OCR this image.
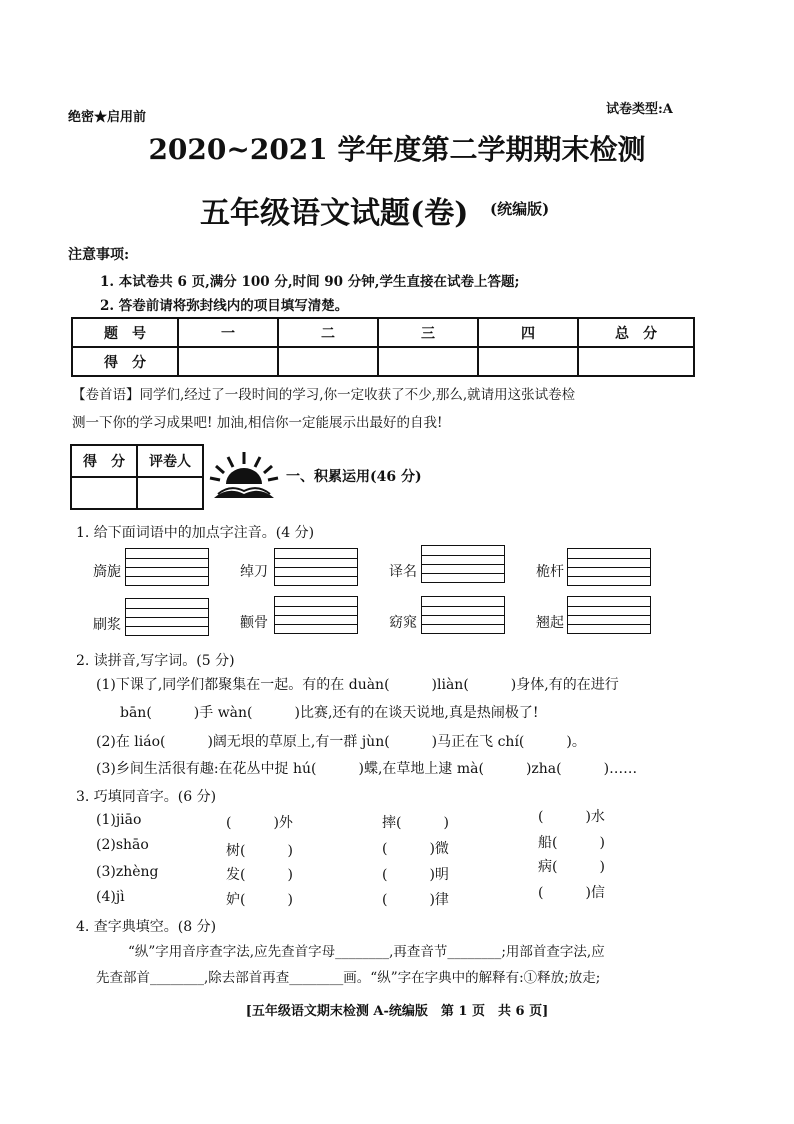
绝密★启用前
试卷类型:A
2020~2021 学年度第二学期期末检测
五年级语文试题(卷) (统编版)
注意事项:
1. 本试卷共 6 页,满分 100 分,时间 90 分钟,学生直接在试卷上答题;
2. 答卷前请将弥封线内的项目填写清楚。
题　号	一	二	三	四	总　分
得　分					
【卷首语】同学们,经过了一段时间的学习,你一定收获了不少,那么,就请用这张试卷检
测一下你的学习成果吧! 加油,相信你一定能展示出最好的自我!
得　分	评卷人

一、积累运用(46 分)
1. 给下面词语中的加点字注音。(4 分)
旖旎	绰刀	译名	桅杆
刷浆	颧骨	窈窕	翘起
2. 读拼音,写字词。(5 分)
(1)下课了,同学们都聚集在一起。有的在 duàn(　　　)liàn(　　　)身体,有的在进行
bān(　　　)手 wàn(　　　)比赛,还有的在谈天说地,真是热闹极了!
(2)在 liáo(　　　)阔无垠的草原上,有一群 jùn(　　　)马正在飞 chí(　　　)。
(3)乡间生活很有趣:在花丛中捉 hú(　　　)蝶,在草地上逮 mà(　　　)zha(　　　)……
3. 巧填同音字。(6 分)
(1)jiāo	(　　　)外	摔(　　　)	(　　　)水
(2)shāo	树(　　　)	(　　　)微	船(　　　)
(3)zhèng	发(　　　)	(　　　)明	病(　　　)
(4)jì	妒(　　　)	(　　　)律	(　　　)信
4. 查字典填空。(8 分)
“纵”字用音序查字法,应先查首字母________,再查音节________;用部首查字法,应
先查部首________,除去部首再查________画。“纵”字在字典中的解释有:①释放;放走;
[五年级语文期末检测 A-统编版　第 1 页　共 6 页]
